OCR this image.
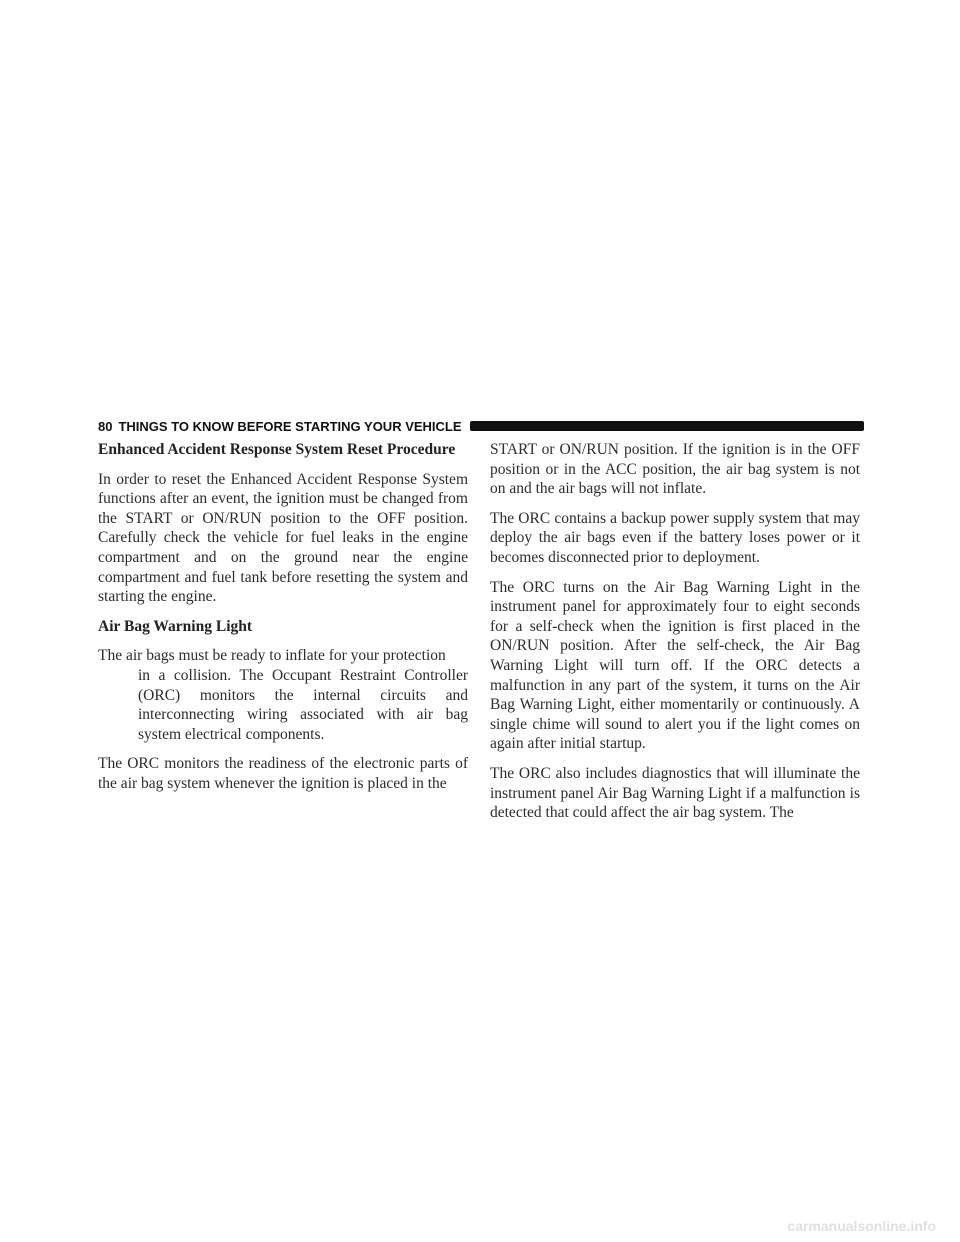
80 THINGS TO KNOW BEFORE STARTING YOUR VEHICLE
Enhanced Accident Response System Reset Procedure

In order to reset the Enhanced Accident Response System functions after an event, the ignition must be changed from the START or ON/RUN position to the OFF position. Carefully check the vehicle for fuel leaks in the engine compartment and on the ground near the engine compartment and fuel tank before resetting the system and starting the engine.

Air Bag Warning Light

The air bags must be ready to inflate for your protection

in a collision. The Occupant Restraint Controller (ORC) monitors the internal circuits and interconnecting wiring associated with air bag system electrical components.

The ORC monitors the readiness of the electronic parts of the air bag system whenever the ignition is placed in the

START or ON/RUN position. If the ignition is in the OFF position or in the ACC position, the air bag system is not on and the air bags will not inflate.

The ORC contains a backup power supply system that may deploy the air bags even if the battery loses power or it becomes disconnected prior to deployment.

The ORC turns on the Air Bag Warning Light in the instrument panel for approximately four to eight seconds for a self-check when the ignition is first placed in the ON/RUN position. After the self-check, the Air Bag Warning Light will turn off. If the ORC detects a malfunction in any part of the system, it turns on the Air Bag Warning Light, either momentarily or continuously. A single chime will sound to alert you if the light comes on again after initial startup.

The ORC also includes diagnostics that will illuminate the instrument panel Air Bag Warning Light if a malfunction is detected that could affect the air bag system. The

carmanualsonline.info
